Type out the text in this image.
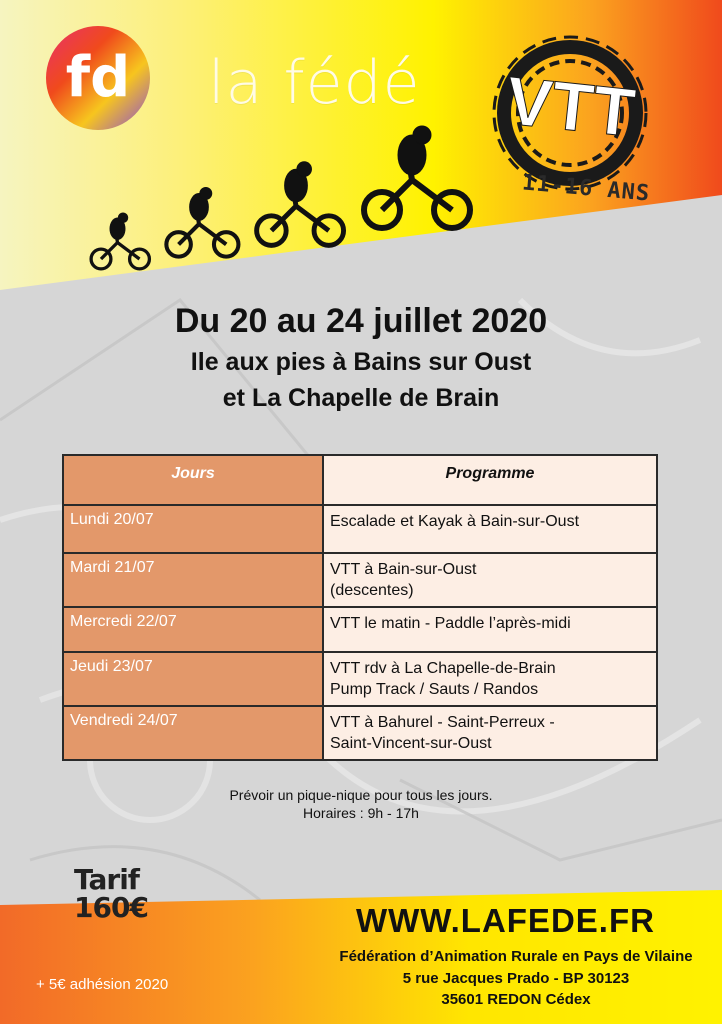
fd la fédé VTT
11-16 ANS
Du 20 au 24 juillet 2020
Ile aux pies à Bains sur Oust
et La Chapelle de Brain
Jours	Programme
Lundi 20/07	Escalade et Kayak à Bain-sur-Oust

Mardi 21/07	VTT à Bain-sur-Oust
(descentes)

Mercredi 22/07	VTT le matin - Paddle l’après-midi

Jeudi 23/07	VTT rdv à La Chapelle-de-Brain
Pump Track / Sauts / Randos

Vendredi 24/07	VTT à Bahurel - Saint-Perreux -
Saint-Vincent-sur-Oust
Prévoir un pique-nique pour tous les jours.
Horaires : 9h - 17h
Tarif
160€
+ 5€ adhésion 2020
WWW.LAFEDE.FR
Fédération d’Animation Rurale en Pays de Vilaine
5 rue Jacques Prado - BP 30123
35601 REDON Cédex
